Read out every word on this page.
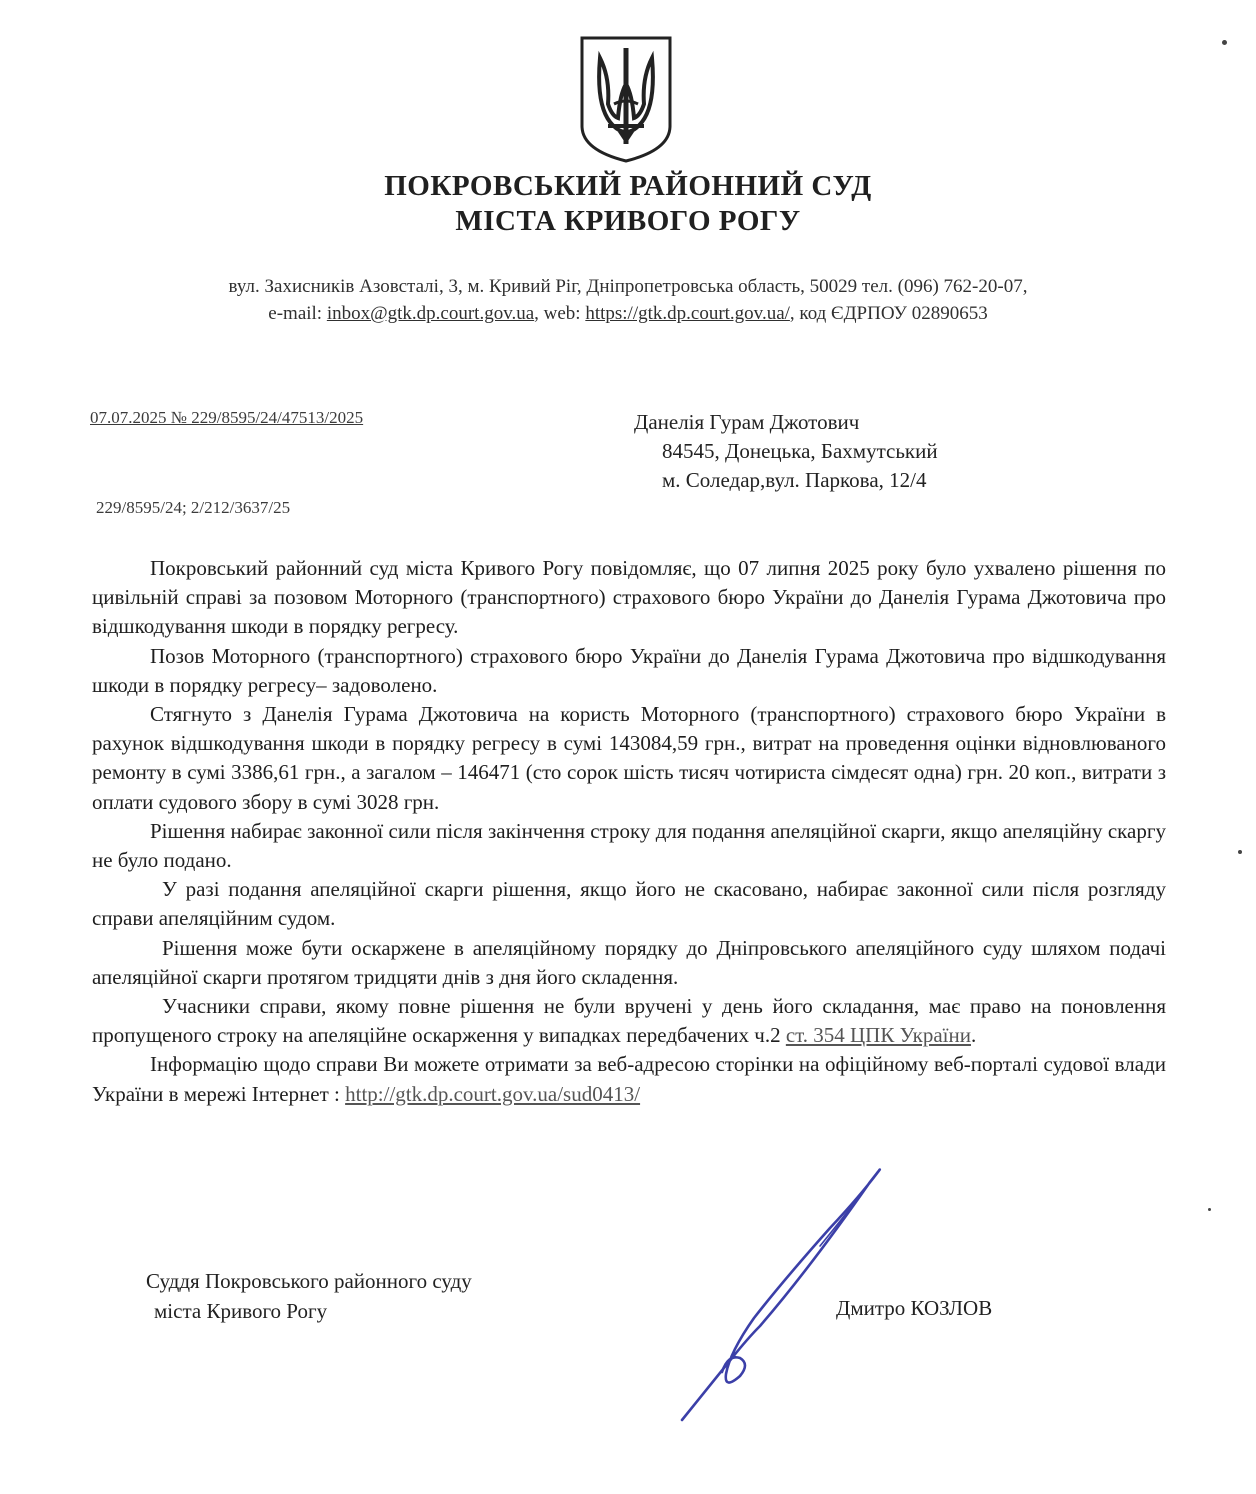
ПОКРОВСЬКИЙ РАЙОННИЙ СУД
МІСТА КРИВОГО РОГУ
вул. Захисників Азовсталі, 3, м. Кривий Ріг, Дніпропетровська область, 50029 тел. (096) 762-20-07,
e-mail: inbox@gtk.dp.court.gov.ua, web: https://gtk.dp.court.gov.ua/, код ЄДРПОУ 02890653
07.07.2025 № 229/8595/24/47513/2025
229/8595/24; 2/212/3637/25
Данелія Гурам Джотович
84545, Донецька, Бахмутський
м. Соледар,вул. Паркова, 12/4

Покровський районний суд міста Кривого Рогу повідомляє, що 07 липня 2025 року було ухвалено рішення по цивільній справі за позовом Моторного (транспортного) страхового бюро України до Данелія Гурама Джотовича про відшкодування шкоди в порядку регресу.

Позов Моторного (транспортного) страхового бюро України до Данелія Гурама Джотовича про відшкодування шкоди в порядку регресу– задоволено.

Стягнуто з Данелія Гурама Джотовича на користь Моторного (транспортного) страхового бюро України в рахунок відшкодування шкоди в порядку регресу в сумі 143084,59 грн., витрат на проведення оцінки відновлюваного ремонту в сумі 3386,61 грн., а загалом – 146471 (сто сорок шість тисяч чотириста сімдесят одна) грн. 20 коп., витрати з оплати судового збору в сумі 3028 грн.

Рішення набирає законної сили після закінчення строку для подання апеляційної скарги, якщо апеляційну скаргу не було подано.

У разі подання апеляційної скарги рішення, якщо його не скасовано, набирає законної сили після розгляду справи апеляційним судом.

Рішення може бути оскаржене в апеляційному порядку до Дніпровського апеляційного суду шляхом подачі апеляційної скарги протягом тридцяти днів з дня його складення.

Учасники справи, якому повне рішення не були вручені у день його складання, має право на поновлення пропущеного строку на апеляційне оскарження у випадках передбачених ч.2 ст. 354 ЦПК України.

Інформацію щодо справи Ви можете отримати за веб-адресою сторінки на офіційному веб-порталі судової влади України в мережі Інтернет : http://gtk.dp.court.gov.ua/sud0413/

Суддя Покровського районного суду
міста Кривого Рогу	Дмитро КОЗЛОВ
